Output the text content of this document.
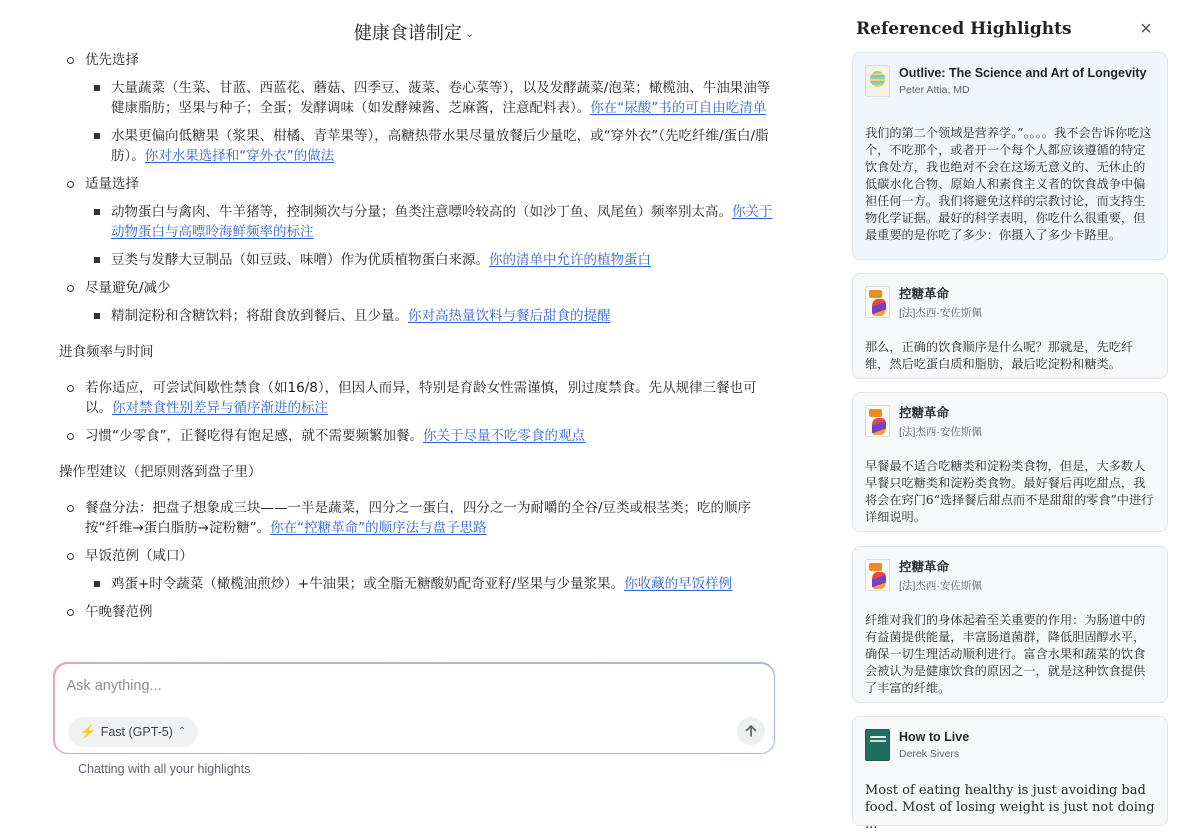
健康食谱制定 ⌄
优先选择
大量蔬菜（生菜、甘蓝、西蓝花、蘑菇、四季豆、菠菜、卷心菜等），以及发酵蔬菜/泡菜；橄榄油、牛油果油等健康脂肪；坚果与种子；全蛋；发酵调味（如发酵辣酱、芝麻酱，注意配料表）。你在“尿酸”书的可自由吃清单
水果更偏向低糖果（浆果、柑橘、青苹果等），高糖热带水果尽量放餐后少量吃，或“穿外衣”（先吃纤维/蛋白/脂肪）。你对水果选择和“穿外衣”的做法
适量选择
动物蛋白与禽肉、牛羊猪等，控制频次与分量；鱼类注意嘌呤较高的（如沙丁鱼、凤尾鱼）频率别太高。你关于动物蛋白与高嘌呤海鲜频率的标注
豆类与发酵大豆制品（如豆豉、味噌）作为优质植物蛋白来源。你的清单中允许的植物蛋白
尽量避免/减少
精制淀粉和含糖饮料；将甜食放到餐后、且少量。你对高热量饮料与餐后甜食的提醒
进食频率与时间
若你适应，可尝试间歇性禁食（如16/8），但因人而异，特别是育龄女性需谨慎，别过度禁食。先从规律三餐也可以。你对禁食性别差异与循序渐进的标注
习惯“少零食”，正餐吃得有饱足感，就不需要频繁加餐。你关于尽量不吃零食的观点
操作型建议（把原则落到盘子里）
餐盘分法：把盘子想象成三块——一半是蔬菜，四分之一蛋白，四分之一为耐嚼的全谷/豆类或根茎类；吃的顺序按“纤维→蛋白脂肪→淀粉糖”。你在“控糖革命”的顺序法与盘子思路
早饭范例（咸口）
鸡蛋+时令蔬菜（橄榄油煎炒）+牛油果；或全脂无糖酸奶配奇亚籽/坚果与少量浆果。你收藏的早饭样例
午晚餐范例
Ask anything...
⚡ Fast (GPT-5) ⌃
Chatting with all your highlights
Referenced Highlights	×
Outlive: The Science and Art of Longevity
Peter Attia, MD
我们的第二个领域是营养学。”。。。。我不会告诉你吃这个，不吃那个，或者开一个每个人都应该遵循的特定饮食处方，我也绝对不会在这场无意义的、无休止的低碳水化合物、原始人和素食主义者的饮食战争中偏袒任何一方。我们将避免这样的宗教讨论，而支持生物化学证据。最好的科学表明，你吃什么很重要，但最重要的是你吃了多少：你摄入了多少卡路里。
控糖革命
[法]杰西·安佐斯佩
那么，正确的饮食顺序是什么呢？那就是，先吃纤维，然后吃蛋白质和脂肪，最后吃淀粉和糖类。
控糖革命
[法]杰西·安佐斯佩
早餐最不适合吃糖类和淀粉类食物，但是，大多数人早餐只吃糖类和淀粉类食物。最好餐后再吃甜点，我将会在窍门6“选择餐后甜点而不是甜甜的零食”中进行详细说明。
控糖革命
[法]杰西·安佐斯佩
纤维对我们的身体起着至关重要的作用：为肠道中的有益菌提供能量，丰富肠道菌群，降低胆固醇水平，确保一切生理活动顺利进行。富含水果和蔬菜的饮食会被认为是健康饮食的原因之一，就是这种饮食提供了丰富的纤维。
How to Live
Derek Sivers
Most of eating healthy is just avoiding bad food. Most of losing weight is just not doing ...
